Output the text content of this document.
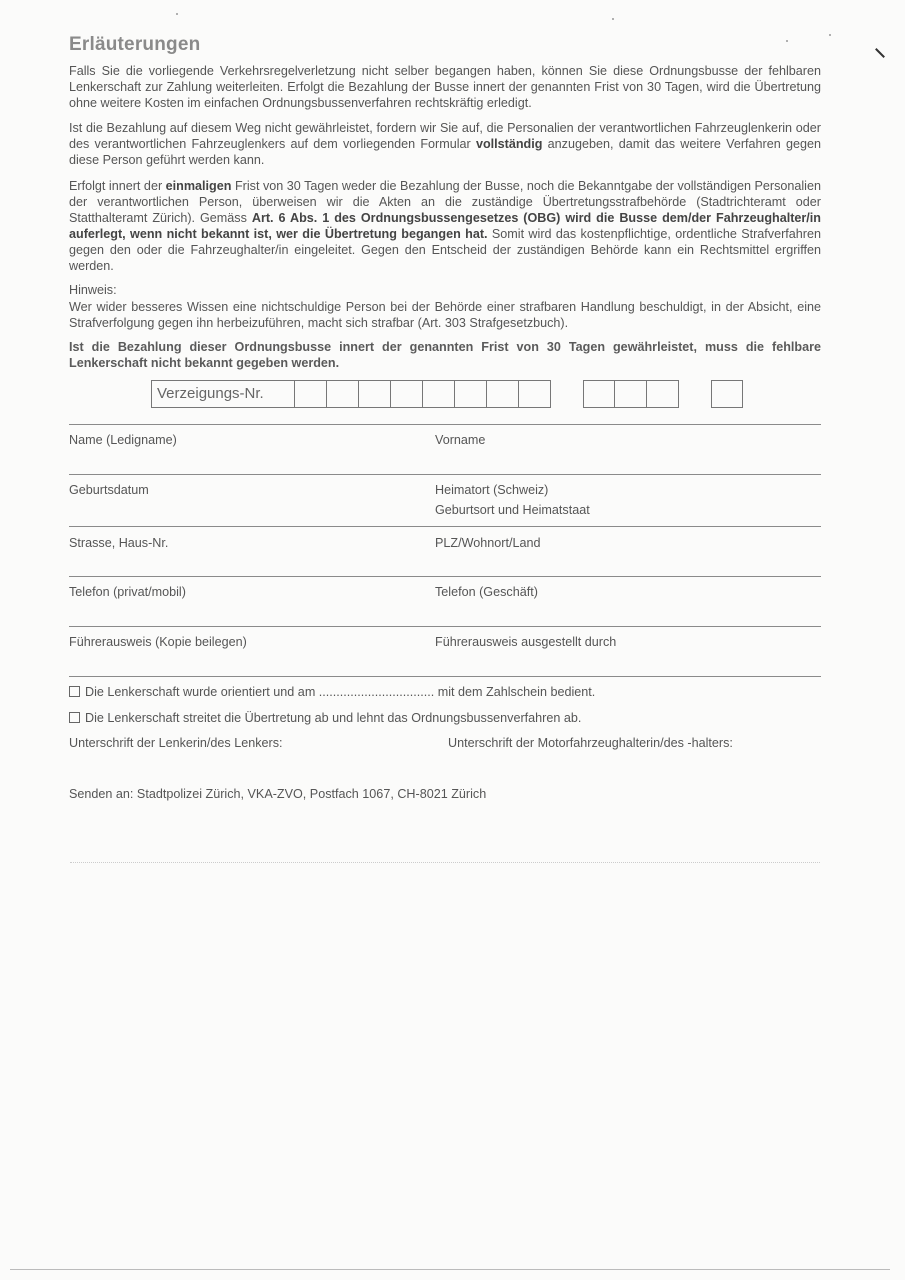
Erläuterungen

Falls Sie die vorliegende Verkehrsregelverletzung nicht selber begangen haben, können Sie diese Ordnungsbusse der fehlbaren Lenkerschaft zur Zahlung weiterleiten. Erfolgt die Bezahlung der Busse innert der genannten Frist von 30 Tagen, wird die Übertretung ohne weitere Kosten im einfachen Ordnungsbussenverfahren rechtskräftig erledigt.

Ist die Bezahlung auf diesem Weg nicht gewährleistet, fordern wir Sie auf, die Personalien der verantwortlichen Fahrzeuglenkerin oder des verantwortlichen Fahrzeuglenkers auf dem vorliegenden Formular vollständig anzugeben, damit das weitere Verfahren gegen diese Person geführt werden kann.

Erfolgt innert der einmaligen Frist von 30 Tagen weder die Bezahlung der Busse, noch die Bekanntgabe der vollständigen Personalien der verantwortlichen Person, überweisen wir die Akten an die zuständige Übertretungsstrafbehörde (Stadtrichteramt oder Statthalteramt Zürich). Gemäss Art. 6 Abs. 1 des Ordnungsbussengesetzes (OBG) wird die Busse dem/der Fahrzeughalter/in auferlegt, wenn nicht bekannt ist, wer die Übertretung begangen hat. Somit wird das kostenpflichtige, ordentliche Strafverfahren gegen den oder die Fahrzeughalter/in eingeleitet. Gegen den Entscheid der zuständigen Behörde kann ein Rechtsmittel ergriffen werden.

Hinweis:

Wer wider besseres Wissen eine nichtschuldige Person bei der Behörde einer strafbaren Handlung beschuldigt, in der Absicht, eine Strafverfolgung gegen ihn herbeizuführen, macht sich strafbar (Art. 303 Strafgesetzbuch).

Ist die Bezahlung dieser Ordnungsbusse innert der genannten Frist von 30 Tagen gewährleistet, muss die fehlbare Lenkerschaft nicht bekannt gegeben werden.

Verzeigungs-Nr.
Name (Ledigname)	Vorname
Geburtsdatum	Heimatort (Schweiz)
Geburtsort und Heimatstaat
Strasse, Haus-Nr.	PLZ/Wohnort/Land
Telefon (privat/mobil)	Telefon (Geschäft)
Führerausweis (Kopie beilegen)	Führerausweis ausgestellt durch
Die Lenkerschaft wurde orientiert und am ................................. mit dem Zahlschein bedient.
Die Lenkerschaft streitet die Übertretung ab und lehnt das Ordnungsbussenverfahren ab.
Unterschrift der Lenkerin/des Lenkers:	Unterschrift der Motorfahrzeughalterin/des -halters:
Senden an: Stadtpolizei Zürich, VKA-ZVO, Postfach 1067, CH-8021 Zürich
